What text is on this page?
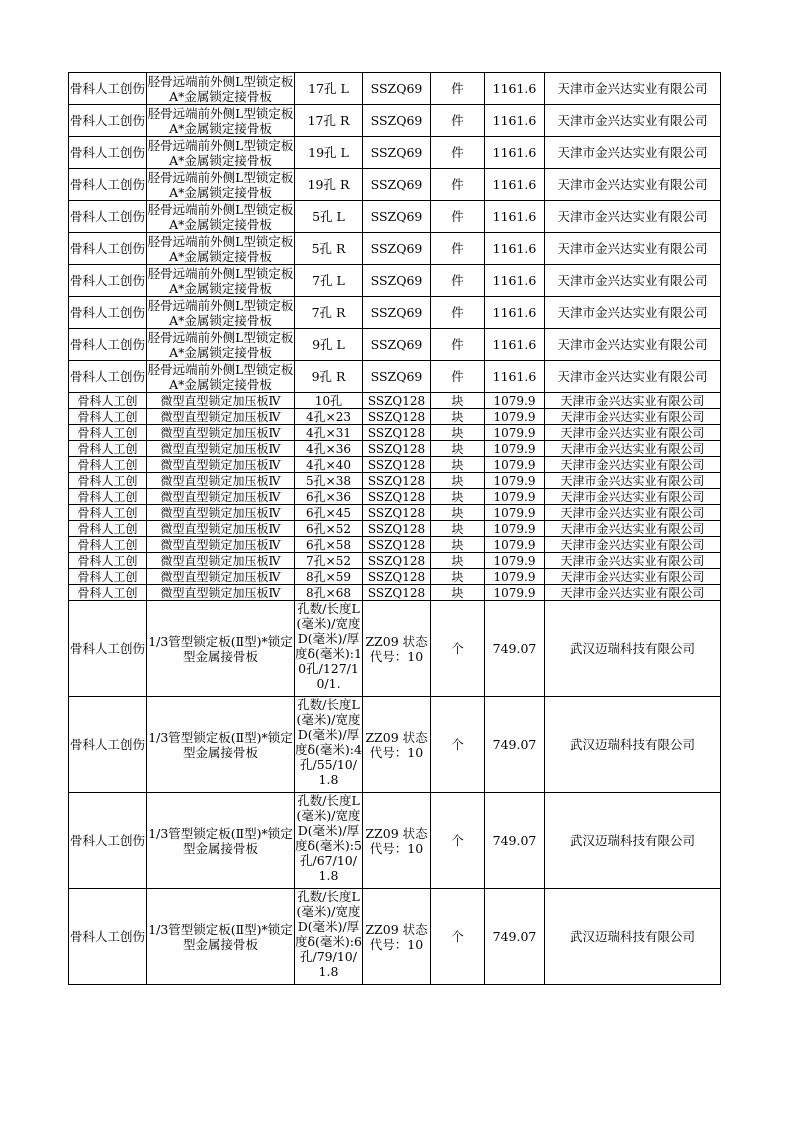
骨科人工创伤	胫骨远端前外侧L型锁定板A*金属锁定接骨板	17孔 L	SSZQ69	件	1161.6	天津市金兴达实业有限公司
骨科人工创伤	胫骨远端前外侧L型锁定板A*金属锁定接骨板	17孔 R	SSZQ69	件	1161.6	天津市金兴达实业有限公司
骨科人工创伤	胫骨远端前外侧L型锁定板A*金属锁定接骨板	19孔 L	SSZQ69	件	1161.6	天津市金兴达实业有限公司
骨科人工创伤	胫骨远端前外侧L型锁定板A*金属锁定接骨板	19孔 R	SSZQ69	件	1161.6	天津市金兴达实业有限公司
骨科人工创伤	胫骨远端前外侧L型锁定板A*金属锁定接骨板	5孔 L	SSZQ69	件	1161.6	天津市金兴达实业有限公司
骨科人工创伤	胫骨远端前外侧L型锁定板A*金属锁定接骨板	5孔 R	SSZQ69	件	1161.6	天津市金兴达实业有限公司
骨科人工创伤	胫骨远端前外侧L型锁定板A*金属锁定接骨板	7孔 L	SSZQ69	件	1161.6	天津市金兴达实业有限公司
骨科人工创伤	胫骨远端前外侧L型锁定板A*金属锁定接骨板	7孔 R	SSZQ69	件	1161.6	天津市金兴达实业有限公司
骨科人工创伤	胫骨远端前外侧L型锁定板A*金属锁定接骨板	9孔 L	SSZQ69	件	1161.6	天津市金兴达实业有限公司
骨科人工创伤	胫骨远端前外侧L型锁定板A*金属锁定接骨板	9孔 R	SSZQ69	件	1161.6	天津市金兴达实业有限公司
骨科人工创	微型直型锁定加压板Ⅳ	10孔	SSZQ128	块	1079.9	天津市金兴达实业有限公司
骨科人工创	微型直型锁定加压板Ⅳ	4孔×23	SSZQ128	块	1079.9	天津市金兴达实业有限公司
骨科人工创	微型直型锁定加压板Ⅳ	4孔×31	SSZQ128	块	1079.9	天津市金兴达实业有限公司
骨科人工创	微型直型锁定加压板Ⅳ	4孔×36	SSZQ128	块	1079.9	天津市金兴达实业有限公司
骨科人工创	微型直型锁定加压板Ⅳ	4孔×40	SSZQ128	块	1079.9	天津市金兴达实业有限公司
骨科人工创	微型直型锁定加压板Ⅳ	5孔×38	SSZQ128	块	1079.9	天津市金兴达实业有限公司
骨科人工创	微型直型锁定加压板Ⅳ	6孔×36	SSZQ128	块	1079.9	天津市金兴达实业有限公司
骨科人工创	微型直型锁定加压板Ⅳ	6孔×45	SSZQ128	块	1079.9	天津市金兴达实业有限公司
骨科人工创	微型直型锁定加压板Ⅳ	6孔×52	SSZQ128	块	1079.9	天津市金兴达实业有限公司
骨科人工创	微型直型锁定加压板Ⅳ	6孔×58	SSZQ128	块	1079.9	天津市金兴达实业有限公司
骨科人工创	微型直型锁定加压板Ⅳ	7孔×52	SSZQ128	块	1079.9	天津市金兴达实业有限公司
骨科人工创	微型直型锁定加压板Ⅳ	8孔×59	SSZQ128	块	1079.9	天津市金兴达实业有限公司
骨科人工创	微型直型锁定加压板Ⅳ	8孔×68	SSZQ128	块	1079.9	天津市金兴达实业有限公司
骨科人工创伤	1/3管型锁定板(Ⅱ型)*锁定型金属接骨板	孔数/长度L(毫米)/宽度D(毫米)/厚度δ(毫米):10孔/127/10/1.	ZZ09 状态代号：10	个	749.07	武汉迈瑞科技有限公司
骨科人工创伤	1/3管型锁定板(Ⅱ型)*锁定型金属接骨板	孔数/长度L(毫米)/宽度D(毫米)/厚度δ(毫米):4孔/55/10/1.8	ZZ09 状态代号：10	个	749.07	武汉迈瑞科技有限公司
骨科人工创伤	1/3管型锁定板(Ⅱ型)*锁定型金属接骨板	孔数/长度L(毫米)/宽度D(毫米)/厚度δ(毫米):5孔/67/10/1.8	ZZ09 状态代号：10	个	749.07	武汉迈瑞科技有限公司
骨科人工创伤	1/3管型锁定板(Ⅱ型)*锁定型金属接骨板	孔数/长度L(毫米)/宽度D(毫米)/厚度δ(毫米):6孔/79/10/1.8	ZZ09 状态代号：10	个	749.07	武汉迈瑞科技有限公司
